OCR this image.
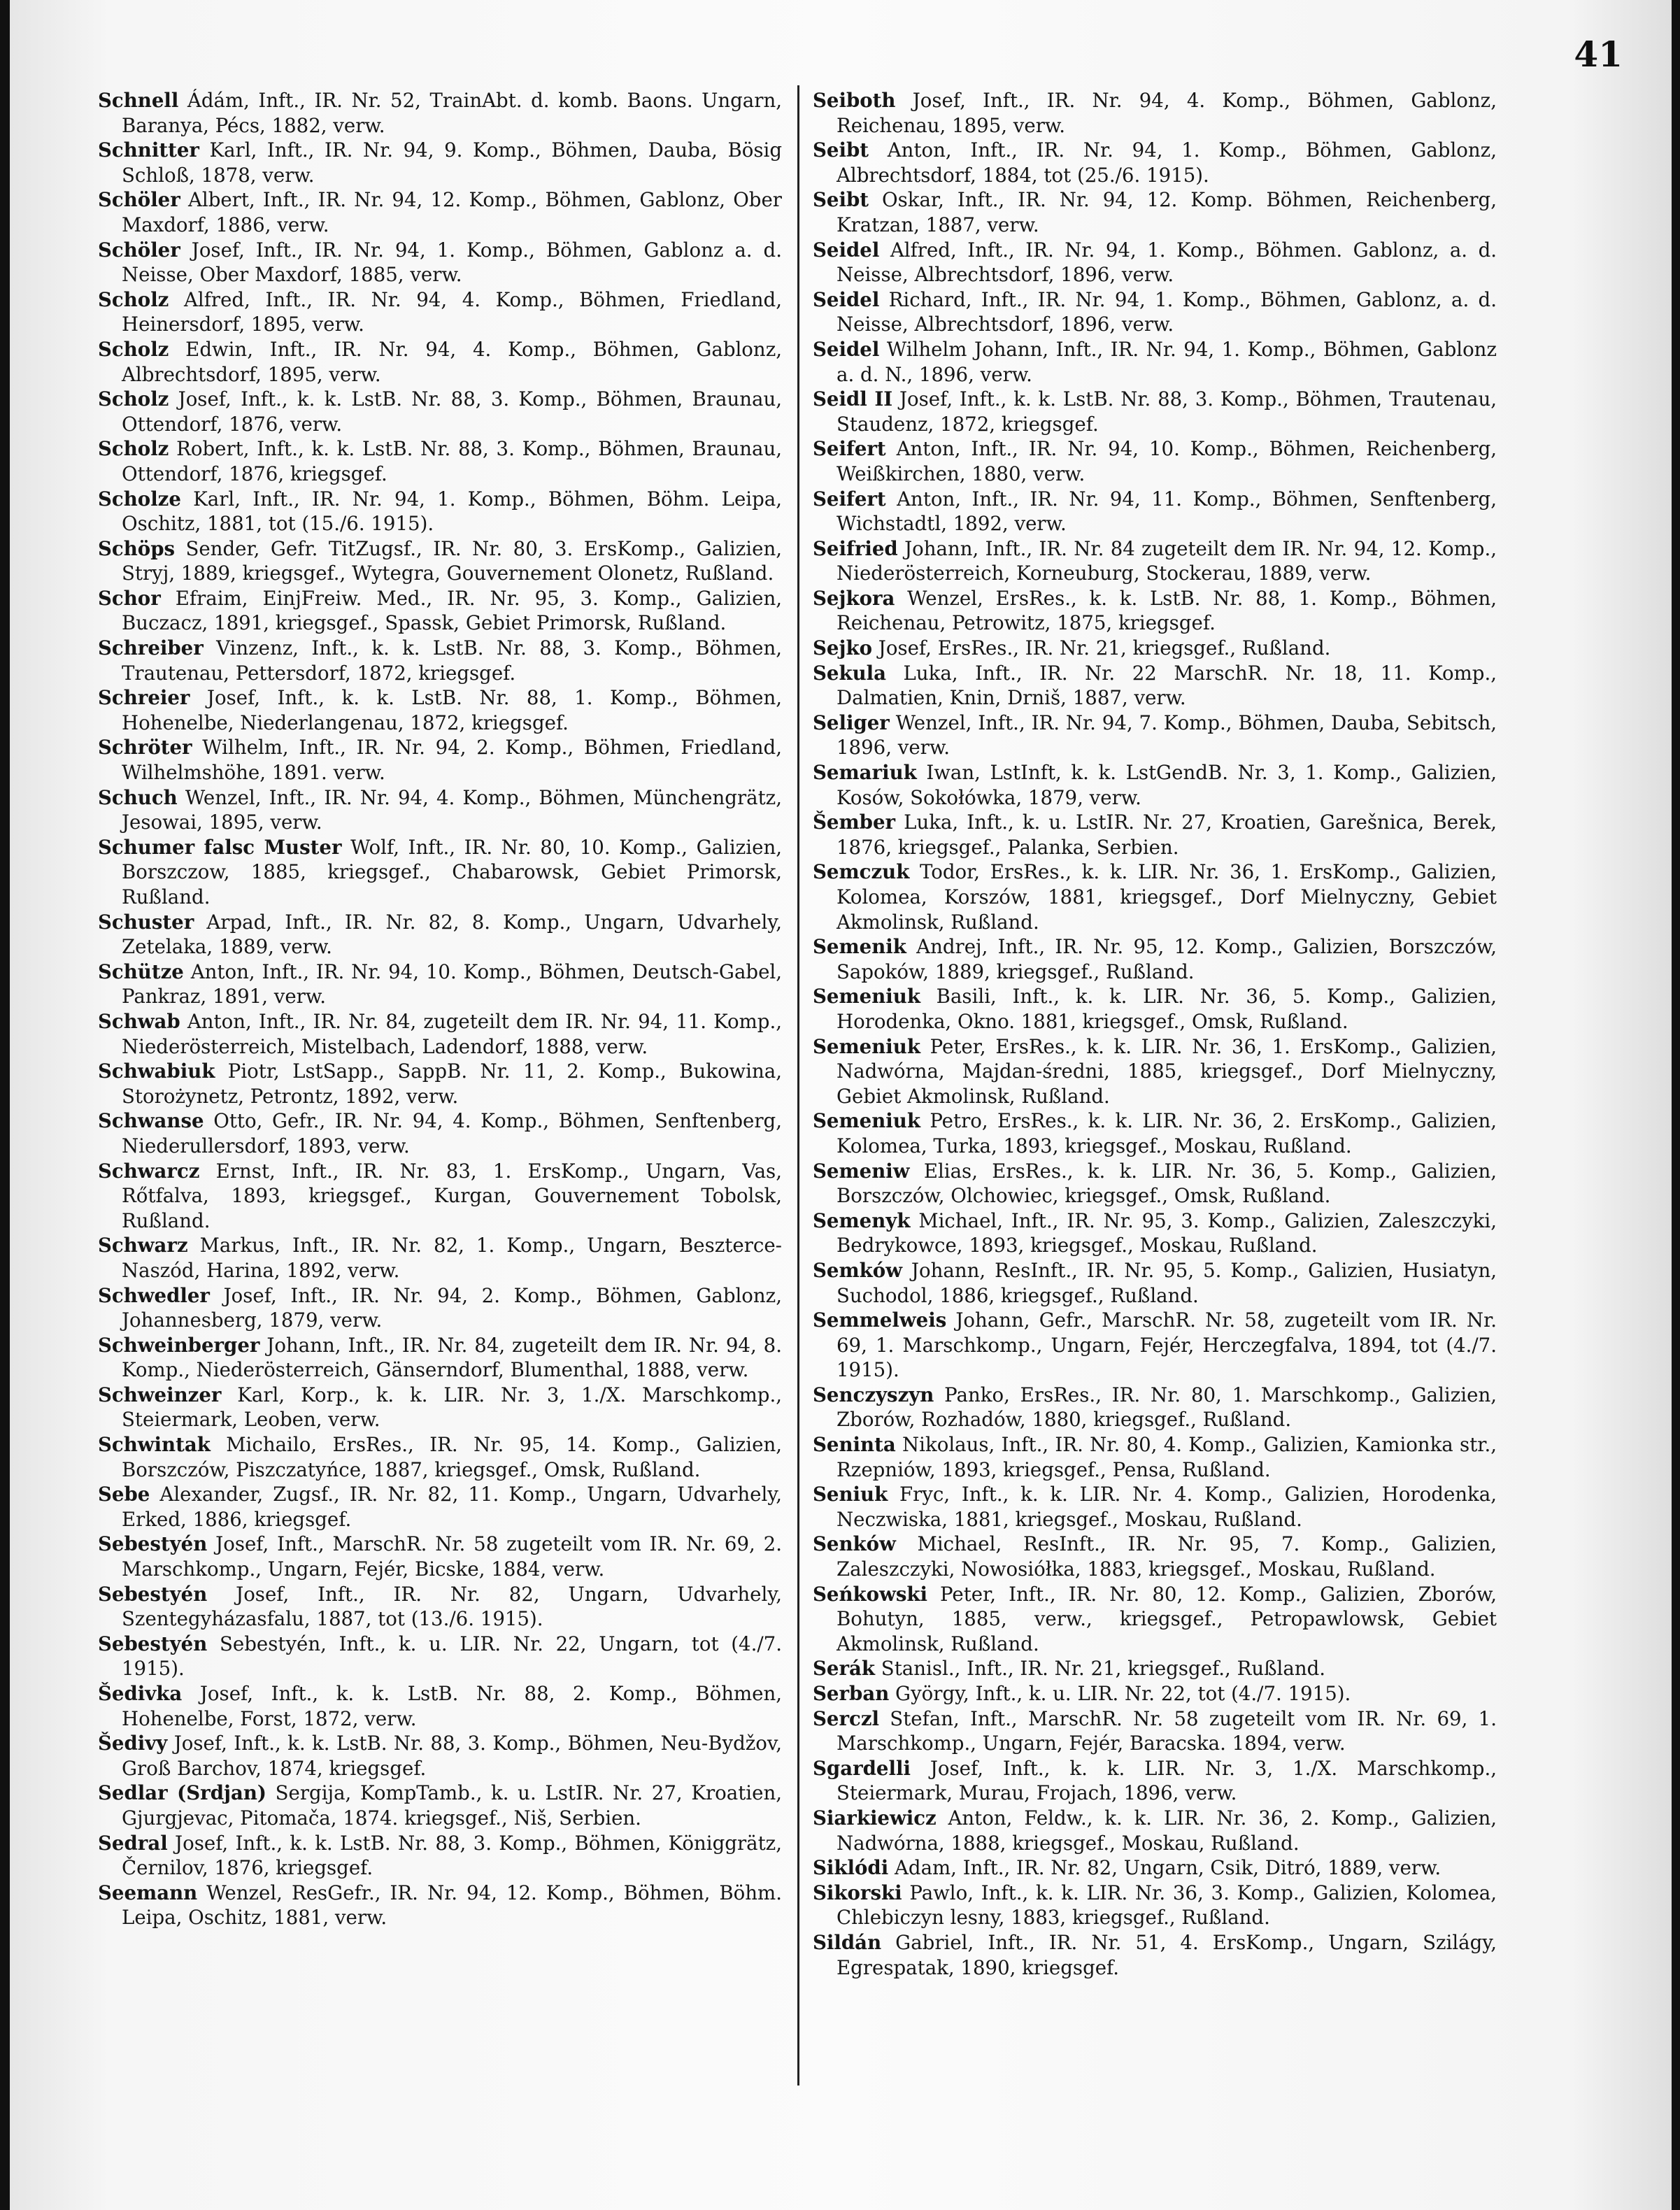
41

Schnell Ádám, Inft., IR. Nr. 52, TrainAbt. d. komb. Baons. Ungarn, Baranya, Pécs, 1882, verw.

Schnitter Karl, Inft., IR. Nr. 94, 9. Komp., Böhmen, Dauba, Bösig Schloß, 1878, verw.

Schöler Albert, Inft., IR. Nr. 94, 12. Komp., Böhmen, Gablonz, Ober Maxdorf, 1886, verw.

Schöler Josef, Inft., IR. Nr. 94, 1. Komp., Böhmen, Gablonz a. d. Neisse, Ober Maxdorf, 1885, verw.

Scholz Alfred, Inft., IR. Nr. 94, 4. Komp., Böhmen, Friedland, Heinersdorf, 1895, verw.

Scholz Edwin, Inft., IR. Nr. 94, 4. Komp., Böhmen, Gablonz, Albrechtsdorf, 1895, verw.

Scholz Josef, Inft., k. k. LstB. Nr. 88, 3. Komp., Böhmen, Braunau, Ottendorf, 1876, verw.

Scholz Robert, Inft., k. k. LstB. Nr. 88, 3. Komp., Böhmen, Braunau, Ottendorf, 1876, kriegsgef.

Scholze Karl, Inft., IR. Nr. 94, 1. Komp., Böhmen, Böhm. Leipa, Oschitz, 1881, tot (15./6. 1915).

Schöps Sender, Gefr. TitZugsf., IR. Nr. 80, 3. ErsKomp., Galizien, Stryj, 1889, kriegsgef., Wytegra, Gouvernement Olonetz, Rußland.

Schor Efraim, EinjFreiw. Med., IR. Nr. 95, 3. Komp., Galizien, Buczacz, 1891, kriegsgef., Spassk, Gebiet Primorsk, Rußland.

Schreiber Vinzenz, Inft., k. k. LstB. Nr. 88, 3. Komp., Böhmen, Trautenau, Pettersdorf, 1872, kriegsgef.

Schreier Josef, Inft., k. k. LstB. Nr. 88, 1. Komp., Böhmen, Hohenelbe, Niederlangenau, 1872, kriegsgef.

Schröter Wilhelm, Inft., IR. Nr. 94, 2. Komp., Böhmen, Friedland, Wilhelmshöhe, 1891. verw.

Schuch Wenzel, Inft., IR. Nr. 94, 4. Komp., Böhmen, Münchengrätz, Jesowai, 1895, verw.

Schumer falsc Muster Wolf, Inft., IR. Nr. 80, 10. Komp., Galizien, Borszczow, 1885, kriegsgef., Chabarowsk, Gebiet Primorsk, Rußland.

Schuster Arpad, Inft., IR. Nr. 82, 8. Komp., Ungarn, Udvarhely, Zetelaka, 1889, verw.

Schütze Anton, Inft., IR. Nr. 94, 10. Komp., Böhmen, Deutsch-Gabel, Pankraz, 1891, verw.

Schwab Anton, Inft., IR. Nr. 84, zugeteilt dem IR. Nr. 94, 11. Komp., Niederösterreich, Mistelbach, Ladendorf, 1888, verw.

Schwabiuk Piotr, LstSapp., SappB. Nr. 11, 2. Komp., Bukowina, Storożynetz, Petrontz, 1892, verw.

Schwanse Otto, Gefr., IR. Nr. 94, 4. Komp., Böhmen, Senftenberg, Niederullersdorf, 1893, verw.

Schwarcz Ernst, Inft., IR. Nr. 83, 1. ErsKomp., Ungarn, Vas, Rőtfalva, 1893, kriegsgef., Kurgan, Gouvernement Tobolsk, Rußland.

Schwarz Markus, Inft., IR. Nr. 82, 1. Komp., Ungarn, Beszterce-Naszód, Harina, 1892, verw.

Schwedler Josef, Inft., IR. Nr. 94, 2. Komp., Böhmen, Gablonz, Johannesberg, 1879, verw.

Schweinberger Johann, Inft., IR. Nr. 84, zugeteilt dem IR. Nr. 94, 8. Komp., Niederösterreich, Gänserndorf, Blumenthal, 1888, verw.

Schweinzer Karl, Korp., k. k. LIR. Nr. 3, 1./X. Marschkomp., Steiermark, Leoben, verw.

Schwintak Michailo, ErsRes., IR. Nr. 95, 14. Komp., Galizien, Borszczów, Piszczatyńce, 1887, kriegsgef., Omsk, Rußland.

Sebe Alexander, Zugsf., IR. Nr. 82, 11. Komp., Ungarn, Udvarhely, Erked, 1886, kriegsgef.

Sebestyén Josef, Inft., MarschR. Nr. 58 zugeteilt vom IR. Nr. 69, 2. Marschkomp., Ungarn, Fejér, Bicske, 1884, verw.

Sebestyén Josef, Inft., IR. Nr. 82, Ungarn, Udvarhely, Szentegyházasfalu, 1887, tot (13./6. 1915).

Sebestyén Sebestyén, Inft., k. u. LIR. Nr. 22, Ungarn, tot (4./7. 1915).

Šedivka Josef, Inft., k. k. LstB. Nr. 88, 2. Komp., Böhmen, Hohenelbe, Forst, 1872, verw.

Šedivy Josef, Inft., k. k. LstB. Nr. 88, 3. Komp., Böhmen, Neu-Bydžov, Groß Barchov, 1874, kriegsgef.

Sedlar (Srdjan) Sergija, KompTamb., k. u. LstIR. Nr. 27, Kroatien, Gjurgjevac, Pitomača, 1874. kriegsgef., Niš, Serbien.

Sedral Josef, Inft., k. k. LstB. Nr. 88, 3. Komp., Böhmen, Königgrätz, Černilov, 1876, kriegsgef.

Seemann Wenzel, ResGefr., IR. Nr. 94, 12. Komp., Böhmen, Böhm. Leipa, Oschitz, 1881, verw.

Seiboth Josef, Inft., IR. Nr. 94, 4. Komp., Böhmen, Gablonz, Reichenau, 1895, verw.

Seibt Anton, Inft., IR. Nr. 94, 1. Komp., Böhmen, Gablonz, Albrechtsdorf, 1884, tot (25./6. 1915).

Seibt Oskar, Inft., IR. Nr. 94, 12. Komp. Böhmen, Reichenberg, Kratzan, 1887, verw.

Seidel Alfred, Inft., IR. Nr. 94, 1. Komp., Böhmen. Gablonz, a. d. Neisse, Albrechtsdorf, 1896, verw.

Seidel Richard, Inft., IR. Nr. 94, 1. Komp., Böhmen, Gablonz, a. d. Neisse, Albrechtsdorf, 1896, verw.

Seidel Wilhelm Johann, Inft., IR. Nr. 94, 1. Komp., Böhmen, Gablonz a. d. N., 1896, verw.

Seidl II Josef, Inft., k. k. LstB. Nr. 88, 3. Komp., Böhmen, Trautenau, Staudenz, 1872, kriegsgef.

Seifert Anton, Inft., IR. Nr. 94, 10. Komp., Böhmen, Reichenberg, Weißkirchen, 1880, verw.

Seifert Anton, Inft., IR. Nr. 94, 11. Komp., Böhmen, Senftenberg, Wichstadtl, 1892, verw.

Seifried Johann, Inft., IR. Nr. 84 zugeteilt dem IR. Nr. 94, 12. Komp., Niederösterreich, Korneuburg, Stockerau, 1889, verw.

Sejkora Wenzel, ErsRes., k. k. LstB. Nr. 88, 1. Komp., Böhmen, Reichenau, Petrowitz, 1875, kriegsgef.

Sejko Josef, ErsRes., IR. Nr. 21, kriegsgef., Rußland.

Sekula Luka, Inft., IR. Nr. 22 MarschR. Nr. 18, 11. Komp., Dalmatien, Knin, Drniš, 1887, verw.

Seliger Wenzel, Inft., IR. Nr. 94, 7. Komp., Böhmen, Dauba, Sebitsch, 1896, verw.

Semariuk Iwan, LstInft, k. k. LstGendB. Nr. 3, 1. Komp., Galizien, Kosów, Sokołówka, 1879, verw.

Šember Luka, Inft., k. u. LstIR. Nr. 27, Kroatien, Garešnica, Berek, 1876, kriegsgef., Palanka, Serbien.

Semczuk Todor, ErsRes., k. k. LIR. Nr. 36, 1. ErsKomp., Galizien, Kolomea, Korszów, 1881, kriegsgef., Dorf Mielnyczny, Gebiet Akmolinsk, Rußland.

Semenik Andrej, Inft., IR. Nr. 95, 12. Komp., Galizien, Borszczów, Sapoków, 1889, kriegsgef., Rußland.

Semeniuk Basili, Inft., k. k. LIR. Nr. 36, 5. Komp., Galizien, Horodenka, Okno. 1881, kriegsgef., Omsk, Rußland.

Semeniuk Peter, ErsRes., k. k. LIR. Nr. 36, 1. ErsKomp., Galizien, Nadwórna, Majdan-średni, 1885, kriegsgef., Dorf Mielnyczny, Gebiet Akmolinsk, Rußland.

Semeniuk Petro, ErsRes., k. k. LIR. Nr. 36, 2. ErsKomp., Galizien, Kolomea, Turka, 1893, kriegsgef., Moskau, Rußland.

Semeniw Elias, ErsRes., k. k. LIR. Nr. 36, 5. Komp., Galizien, Borszczów, Olchowiec, kriegsgef., Omsk, Rußland.

Semenyk Michael, Inft., IR. Nr. 95, 3. Komp., Galizien, Zaleszczyki, Bedrykowce, 1893, kriegsgef., Moskau, Rußland.

Semków Johann, ResInft., IR. Nr. 95, 5. Komp., Galizien, Husiatyn, Suchodol, 1886, kriegsgef., Rußland.

Semmelweis Johann, Gefr., MarschR. Nr. 58, zugeteilt vom IR. Nr. 69, 1. Marschkomp., Ungarn, Fejér, Herczegfalva, 1894, tot (4./7. 1915).

Senczyszyn Panko, ErsRes., IR. Nr. 80, 1. Marschkomp., Galizien, Zborów, Rozhadów, 1880, kriegsgef., Rußland.

Seninta Nikolaus, Inft., IR. Nr. 80, 4. Komp., Galizien, Kamionka str., Rzepniów, 1893, kriegsgef., Pensa, Rußland.

Seniuk Fryc, Inft., k. k. LIR. Nr. 4. Komp., Galizien, Horodenka, Neczwiska, 1881, kriegsgef., Moskau, Rußland.

Senków Michael, ResInft., IR. Nr. 95, 7. Komp., Galizien, Zaleszczyki, Nowosiółka, 1883, kriegsgef., Moskau, Rußland.

Seńkowski Peter, Inft., IR. Nr. 80, 12. Komp., Galizien, Zborów, Bohutyn, 1885, verw., kriegsgef., Petropawlowsk, Gebiet Akmolinsk, Rußland.

Serák Stanisl., Inft., IR. Nr. 21, kriegsgef., Rußland.

Serban György, Inft., k. u. LIR. Nr. 22, tot (4./7. 1915).

Serczl Stefan, Inft., MarschR. Nr. 58 zugeteilt vom IR. Nr. 69, 1. Marschkomp., Ungarn, Fejér, Baracska. 1894, verw.

Sgardelli Josef, Inft., k. k. LIR. Nr. 3, 1./X. Marschkomp., Steiermark, Murau, Frojach, 1896, verw.

Siarkiewicz Anton, Feldw., k. k. LIR. Nr. 36, 2. Komp., Galizien, Nadwórna, 1888, kriegsgef., Moskau, Rußland.

Siklódi Adam, Inft., IR. Nr. 82, Ungarn, Csik, Ditró, 1889, verw.

Sikorski Pawlo, Inft., k. k. LIR. Nr. 36, 3. Komp., Galizien, Kolomea, Chlebiczyn lesny, 1883, kriegsgef., Rußland.

Sildán Gabriel, Inft., IR. Nr. 51, 4. ErsKomp., Ungarn, Szilágy, Egrespatak, 1890, kriegsgef.
